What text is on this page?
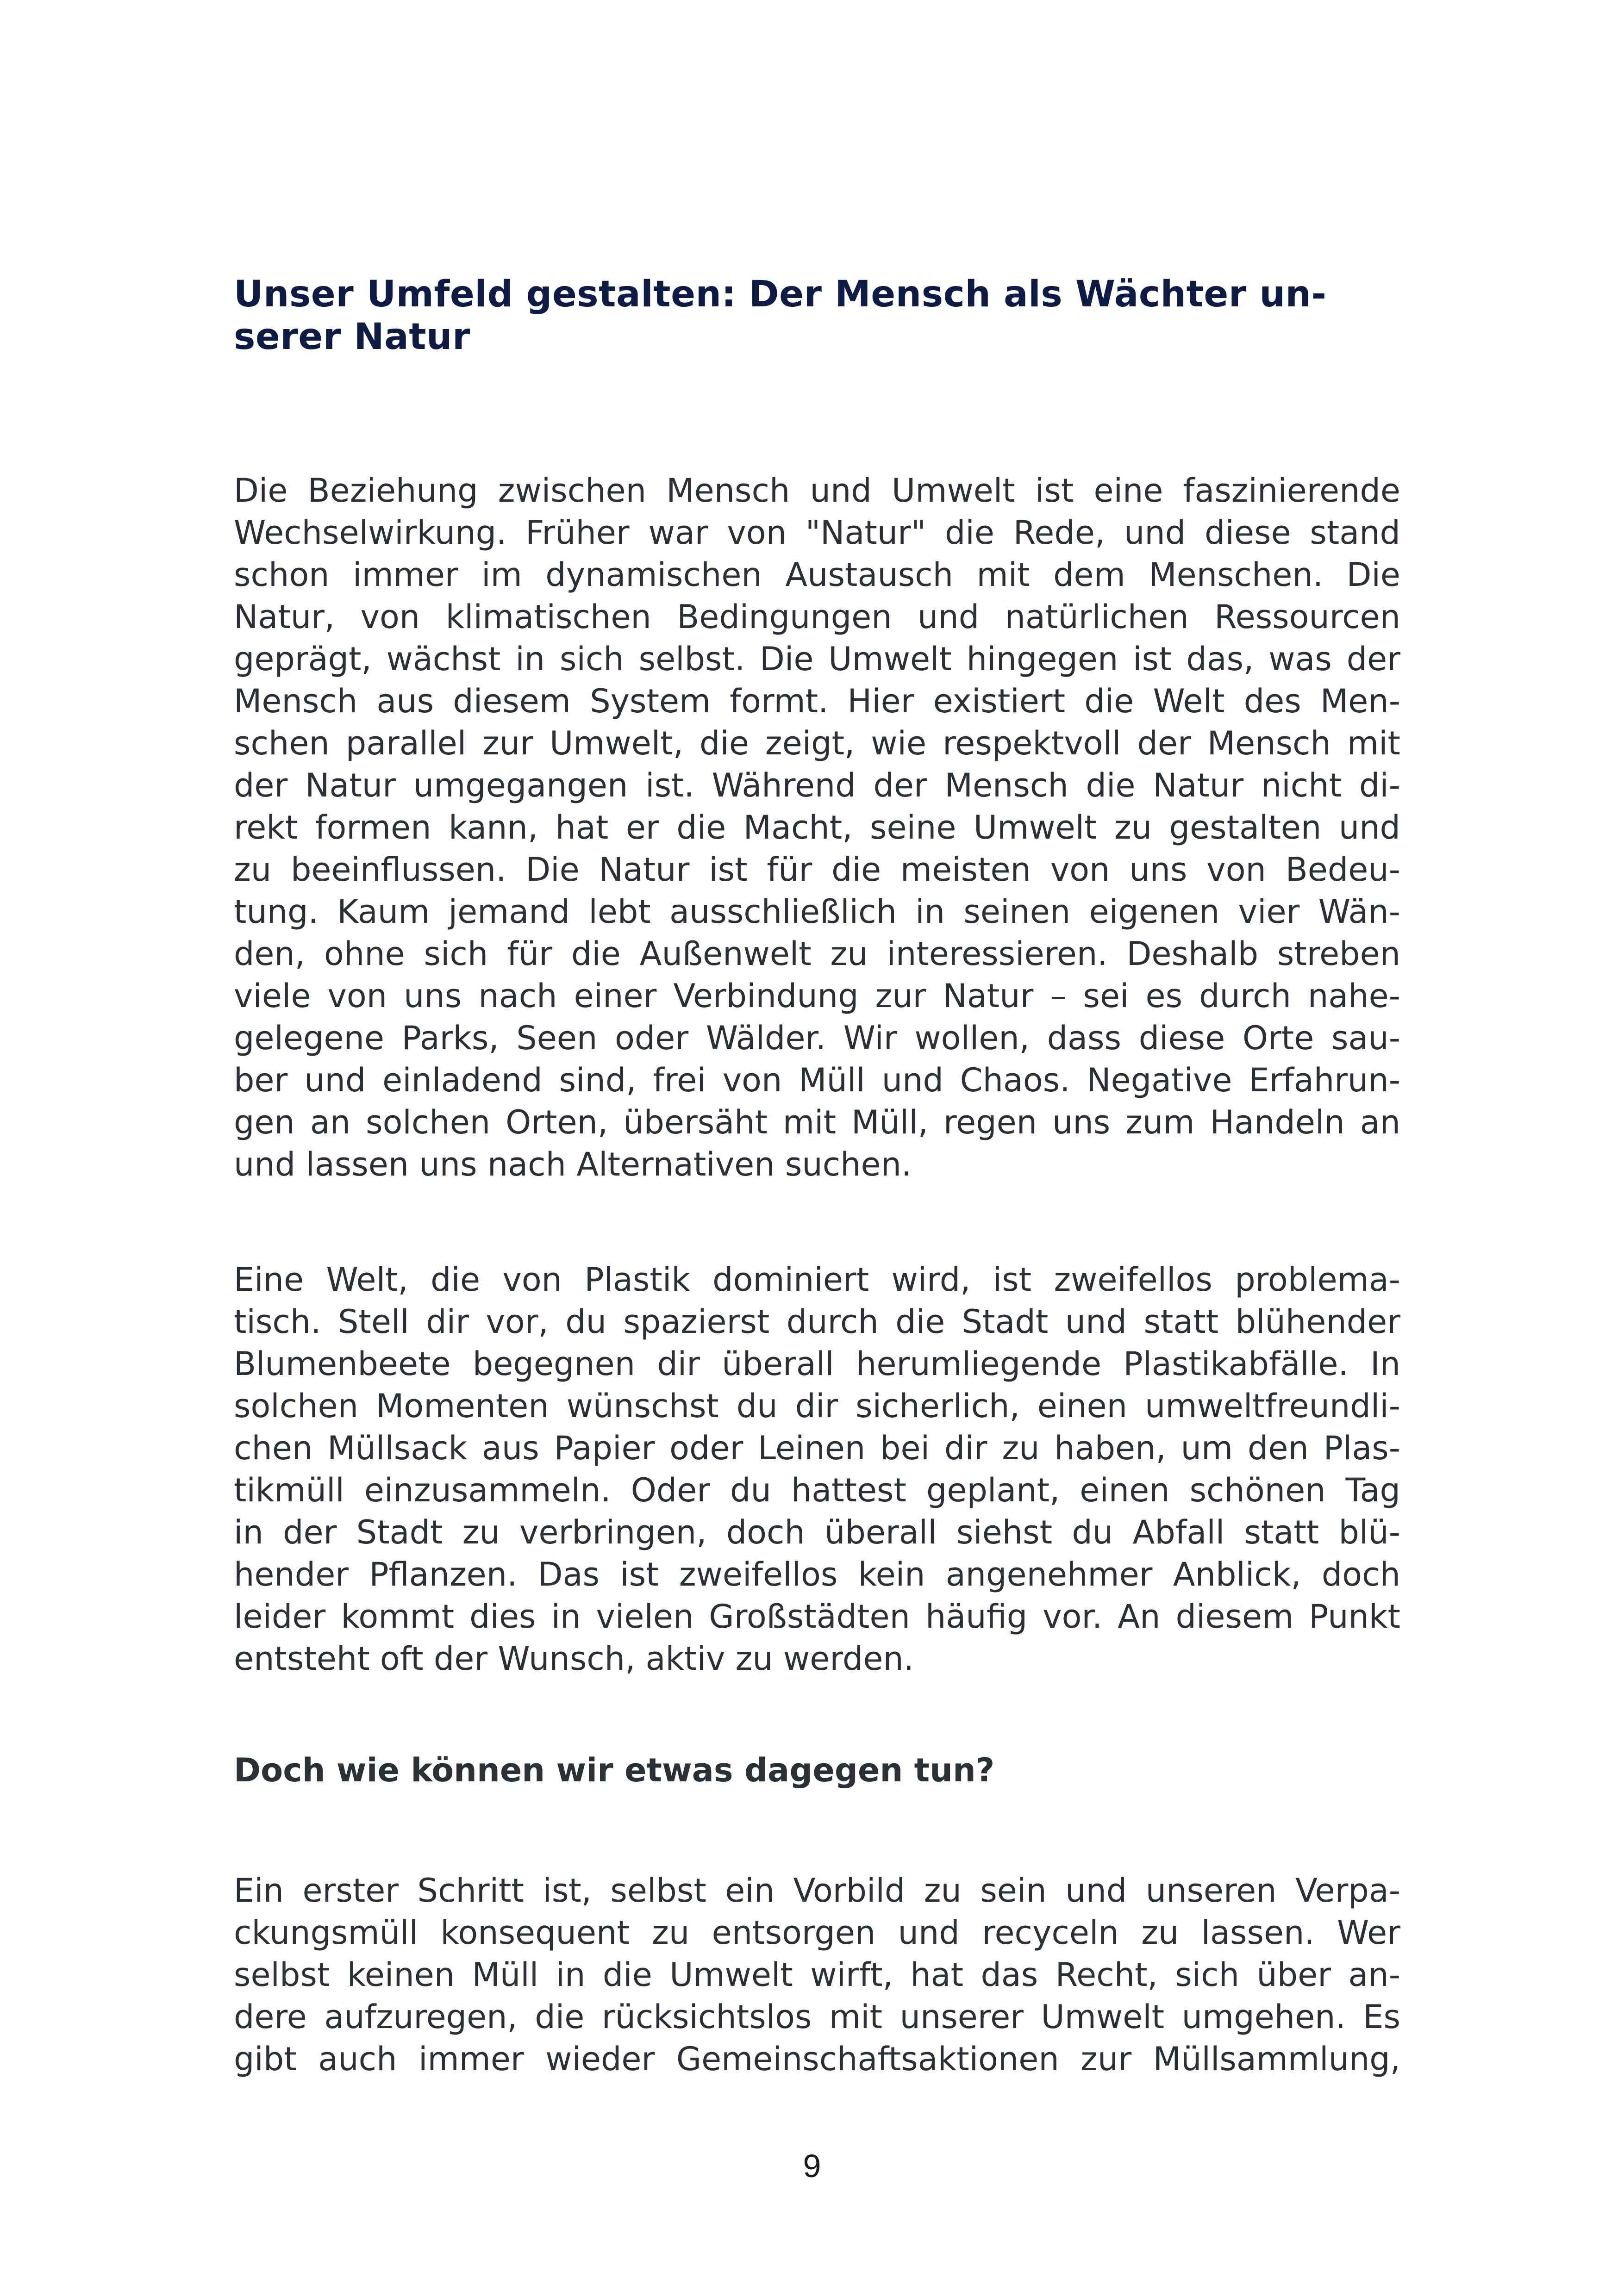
Unser Umfeld gestalten: Der Mensch als Wächter un-
serer Natur

Die Beziehung zwischen Mensch und Umwelt ist eine faszinierende
Wechselwirkung. Früher war von "Natur" die Rede, und diese stand
schon immer im dynamischen Austausch mit dem Menschen. Die
Natur, von klimatischen Bedingungen und natürlichen Ressourcen
geprägt, wächst in sich selbst. Die Umwelt hingegen ist das, was der
Mensch aus diesem System formt. Hier existiert die Welt des Men-
schen parallel zur Umwelt, die zeigt, wie respektvoll der Mensch mit
der Natur umgegangen ist. Während der Mensch die Natur nicht di-
rekt formen kann, hat er die Macht, seine Umwelt zu gestalten und
zu beeinflussen. Die Natur ist für die meisten von uns von Bedeu-
tung. Kaum jemand lebt ausschließlich in seinen eigenen vier Wän-
den, ohne sich für die Außenwelt zu interessieren. Deshalb streben
viele von uns nach einer Verbindung zur Natur – sei es durch nahe-
gelegene Parks, Seen oder Wälder. Wir wollen, dass diese Orte sau-
ber und einladend sind, frei von Müll und Chaos. Negative Erfahrun-
gen an solchen Orten, übersäht mit Müll, regen uns zum Handeln an
und lassen uns nach Alternativen suchen.

Eine Welt, die von Plastik dominiert wird, ist zweifellos problema-
tisch. Stell dir vor, du spazierst durch die Stadt und statt blühender
Blumenbeete begegnen dir überall herumliegende Plastikabfälle. In
solchen Momenten wünschst du dir sicherlich, einen umweltfreundli-
chen Müllsack aus Papier oder Leinen bei dir zu haben, um den Plas-
tikmüll einzusammeln. Oder du hattest geplant, einen schönen Tag
in der Stadt zu verbringen, doch überall siehst du Abfall statt blü-
hender Pflanzen. Das ist zweifellos kein angenehmer Anblick, doch
leider kommt dies in vielen Großstädten häufig vor. An diesem Punkt
entsteht oft der Wunsch, aktiv zu werden.

Doch wie können wir etwas dagegen tun?

Ein erster Schritt ist, selbst ein Vorbild zu sein und unseren Verpa-
ckungsmüll konsequent zu entsorgen und recyceln zu lassen. Wer
selbst keinen Müll in die Umwelt wirft, hat das Recht, sich über an-
dere aufzuregen, die rücksichtslos mit unserer Umwelt umgehen. Es
gibt auch immer wieder Gemeinschaftsaktionen zur Müllsammlung,

9
